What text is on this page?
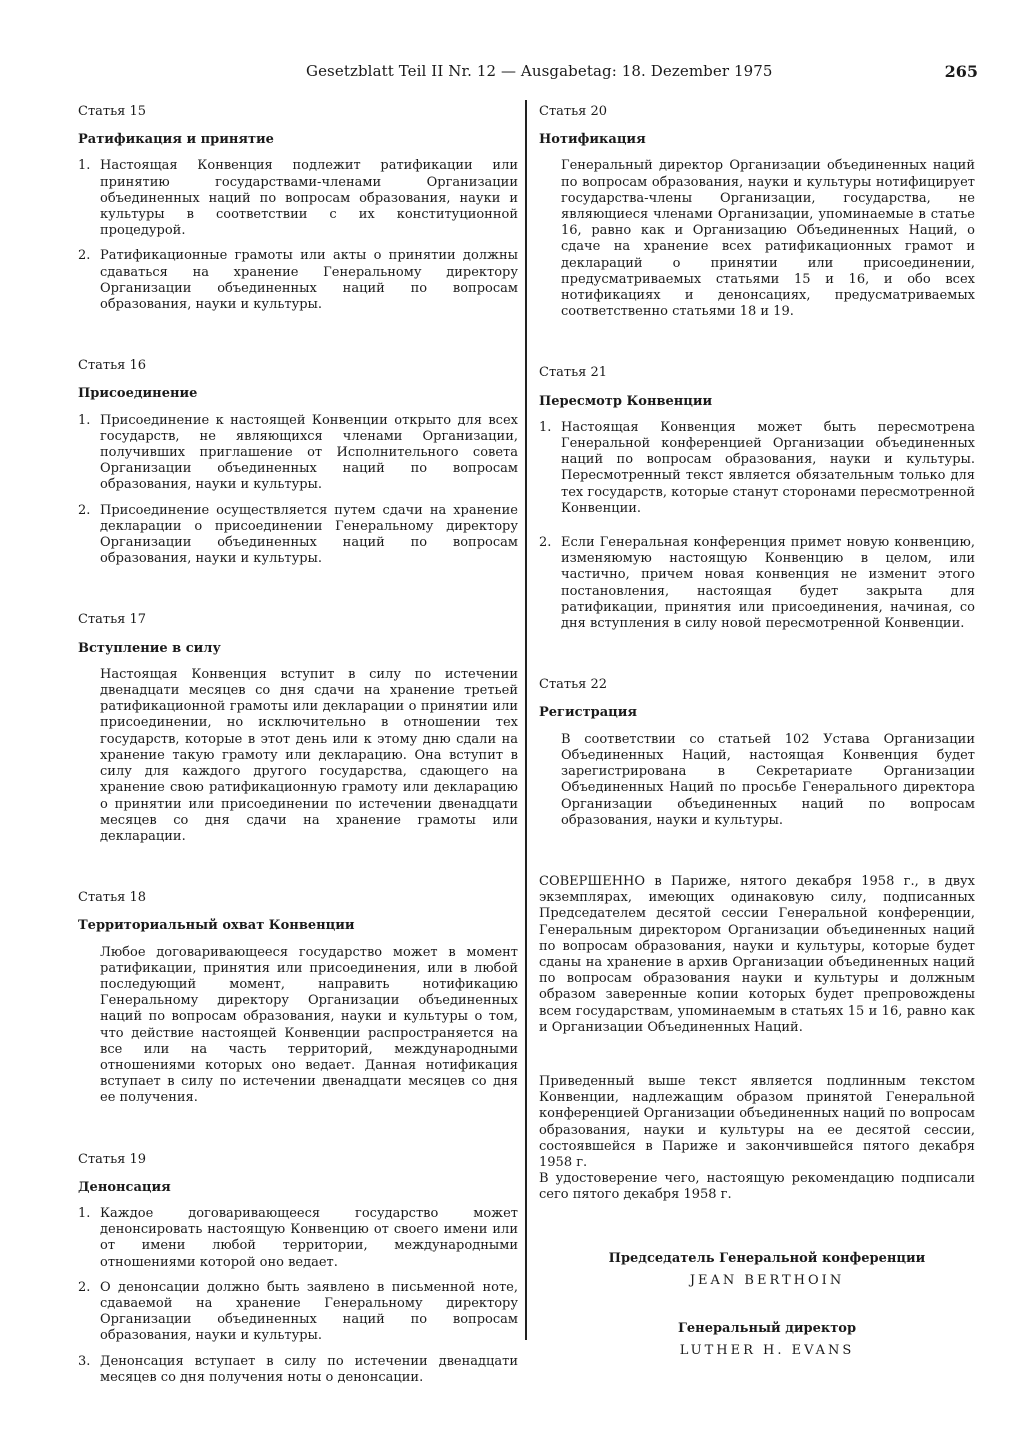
Gesetzblatt Teil II Nr. 12 — Ausgabetag: 18. Dezember 1975	265

Статья 15

Ратификация и принятие

1. Настоящая Конвенция подлежит ратификации или принятию государствами-членами Организации объединенных наций по вопросам образования, науки и культуры в соответствии с их конституционной процедурой.
2. Ратификационные грамоты или акты о принятии должны сдаваться на хранение Генеральному директору Организации объединенных наций по вопросам образования, науки и культуры.

Статья 16

Присоединение

1. Присоединение к настоящей Конвенции открыто для всех государств, не являющихся членами Организации, получивших приглашение от Исполнительного совета Организации объединенных наций по вопросам образования, науки и культуры.
2. Присоединение осуществляется путем сдачи на хранение декларации о присоединении Генеральному директору Организации объединенных наций по вопросам образования, науки и культуры.

Статья 17

Вступление в силу

Настоящая Конвенция вступит в силу по истечении двенадцати месяцев со дня сдачи на хранение третьей ратификационной грамоты или декларации о принятии или присоединении, но исключительно в отношении тех государств, которые в этот день или к этому дню сдали на хранение такую грамоту или декларацию. Она вступит в силу для каждого другого государства, сдающего на хранение свою ратификационную грамоту или декларацию о принятии или присоединении по истечении двенадцати месяцев со дня сдачи на хранение грамоты или декларации.

Статья 18

Территориальный охват Конвенции

Любое договаривающееся государство может в момент ратификации, принятия или присоединения, или в любой последующий момент, направить нотификацию Генеральному директору Организации объединенных наций по вопросам образования, науки и культуры о том, что действие настоящей Конвенции распространяется на все или на часть территорий, международными отношениями которых оно ведает. Данная нотификация вступает в силу по истечении двенадцати месяцев со дня ее получения.

Статья 19

Денонсация

1. Каждое договаривающееся государство может денонсировать настоящую Конвенцию от своего имени или от имени любой территории, международными отношениями которой оно ведает.
2. О денонсации должно быть заявлено в письменной ноте, сдаваемой на хранение Генеральному директору Организации объединенных наций по вопросам образования, науки и культуры.
3. Денонсация вступает в силу по истечении двенадцати месяцев со дня получения ноты о денонсации.

Статья 20

Нотификация

Генеральный директор Организации объединенных наций по вопросам образования, науки и культуры нотифицирует государства-члены Организации, государства, не являющиеся членами Организации, упоминаемые в статье 16, равно как и Организацию Объединенных Наций, о сдаче на хранение всех ратификационных грамот и деклараций о принятии или присоединении, предусматриваемых статьями 15 и 16, и обо всех нотификациях и денонсациях, предусматриваемых соответственно статьями 18 и 19.

Статья 21

Пересмотр Конвенции

1. Настоящая Конвенция может быть пересмотрена Генеральной конференцией Организации объединенных наций по вопросам образования, науки и культуры. Пересмотренный текст является обязательным только для тех государств, которые станут сторонами пересмотренной Конвенции.
2. Если Генеральная конференция примет новую конвенцию, изменяюмую настоящую Конвенцию в целом, или частично, причем новая конвенция не изменит этого постановления, настоящая будет закрыта для ратификации, принятия или присоединения, начиная, со дня вступления в силу новой пересмотренной Конвенции.

Статья 22

Регистрация

В соответствии со статьей 102 Устава Организации Объединенных Наций, настоящая Конвенция будет зарегистрирована в Секретариате Организации Объединенных Наций по просьбе Генерального директора Организации объединенных наций по вопросам образования, науки и культуры.

СОВЕРШЕННО в Париже, нятого декабря 1958 г., в двух экземплярах, имеющих одинаковую силу, подписанных Председателем десятой сессии Генеральной конференции, Генеральным директором Организации объединенных наций по вопросам образования, науки и культуры, которые будет сданы на хранение в архив Организации объединенных наций по вопросам образования науки и культуры и должным образом заверенные копии которых будет препровождены всем государствам, упоминаемым в статьях 15 и 16, равно как и Организации Объединенных Наций.

Приведенный выше текст является подлинным текстом Конвенции, надлежащим образом принятой Генеральной конференцией Организации объединенных наций по вопросам образования, науки и культуры на ее десятой сессии, состоявшейся в Париже и закончившейся пятого декабря 1958 г.

В удостоверение чего, настоящую рекомендацию подписали сего пятого декабря 1958 г.

Председатель Генеральной конференции

JEAN BERTHOIN

Генеральный директор

LUTHER H. EVANS
